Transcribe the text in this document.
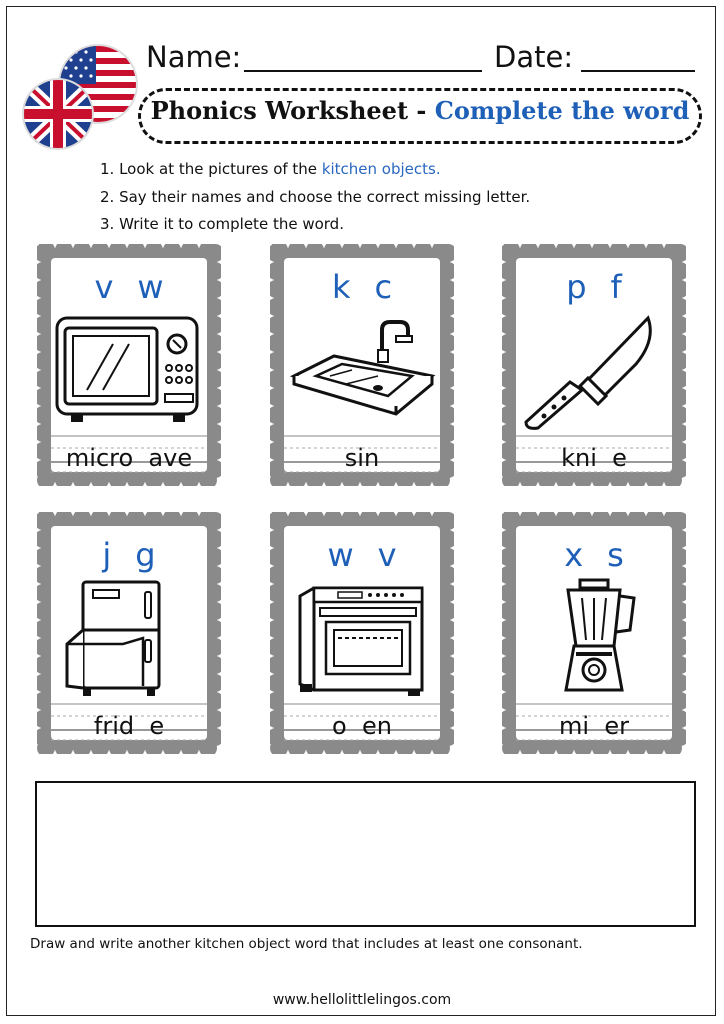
Name:	Date:
Phonics Worksheet - Complete the word
1. Look at the pictures of the kitchen objects.
2. Say their names and choose the correct missing letter.
3. Write it to complete the word.
v w
micro  ave
k c
sin
p f
kni  e
j g
frid  e
w v
o  en
x s
mi  er
Draw and write another kitchen object word that includes at least one consonant.
www.hellolittlelingos.com
